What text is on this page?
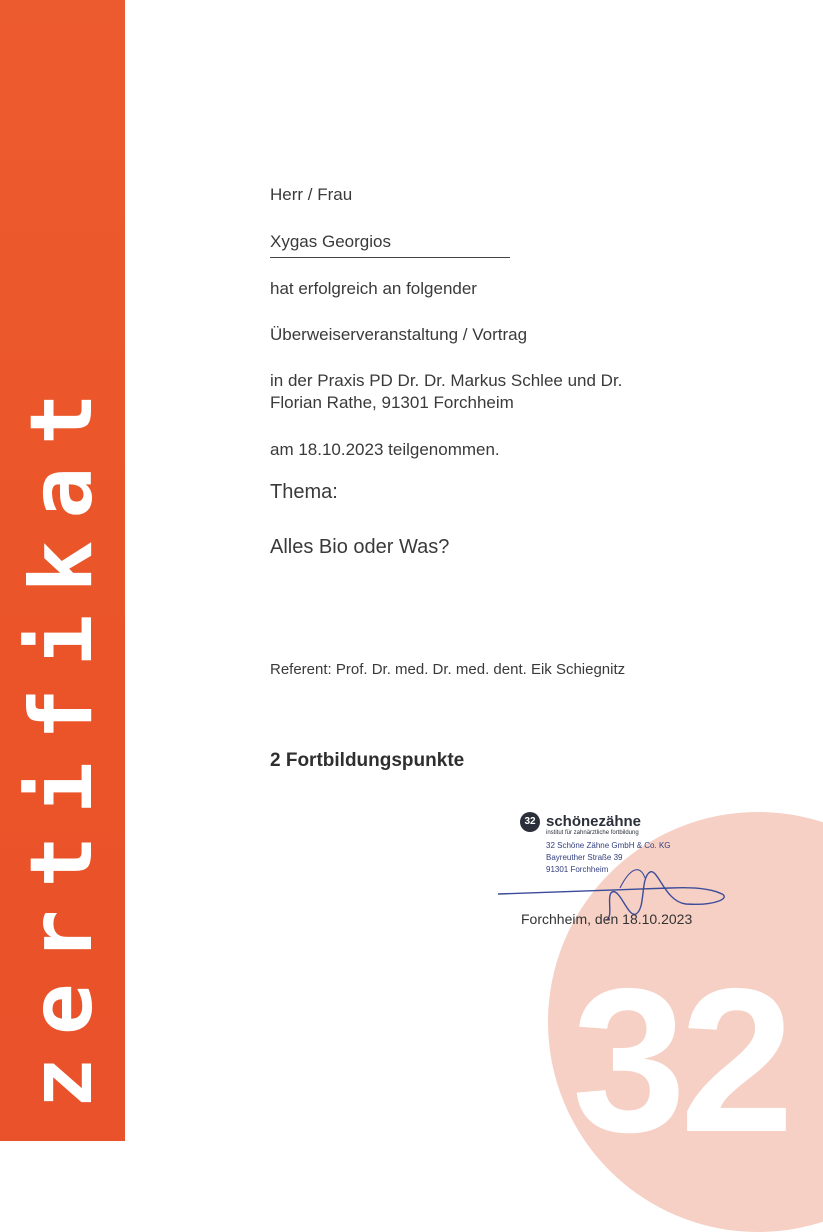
zertifikat 32
Herr / Frau
Xygas Georgios
hat erfolgreich an folgender
Überweiserveranstaltung / Vortrag
in der Praxis PD Dr. Dr. Markus Schlee und Dr.
Florian Rathe, 91301 Forchheim
am 18.10.2023 teilgenommen.
Thema:
Alles Bio oder Was?
Referent: Prof. Dr. med. Dr. med. dent. Eik Schiegnitz
2 Fortbildungspunkte
32 schönezähne
institut für zahnärztliche fortbildung
32 Schöne Zähne GmbH & Co. KG
Bayreuther Straße 39
91301 Forchheim
Forchheim, den 18.10.2023
